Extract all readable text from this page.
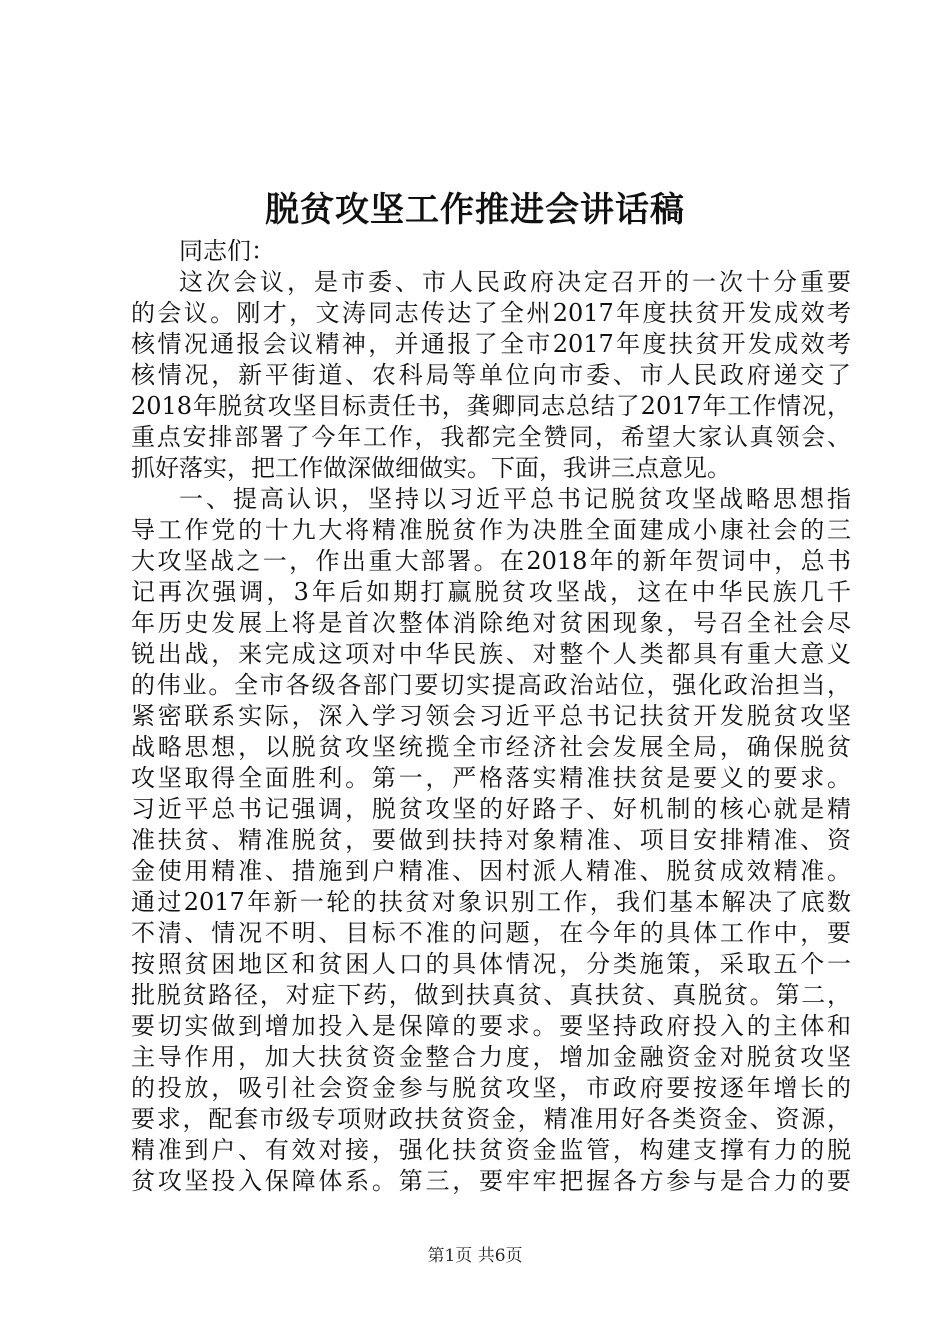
脱贫攻坚工作推进会讲话稿
同志们：
这次会议，是市委、市人民政府决定召开的一次十分重要
的会议。刚才，文涛同志传达了全州2017年度扶贫开发成效考
核情况通报会议精神，并通报了全市2017年度扶贫开发成效考
核情况，新平街道、农科局等单位向市委、市人民政府递交了
2018年脱贫攻坚目标责任书，龚卿同志总结了2017年工作情况，
重点安排部署了今年工作，我都完全赞同，希望大家认真领会、
抓好落实，把工作做深做细做实。下面，我讲三点意见。
一、提高认识，坚持以习近平总书记脱贫攻坚战略思想指
导工作党的十九大将精准脱贫作为决胜全面建成小康社会的三
大攻坚战之一，作出重大部署。在2018年的新年贺词中，总书
记再次强调，3年后如期打赢脱贫攻坚战，这在中华民族几千
年历史发展上将是首次整体消除绝对贫困现象，号召全社会尽
锐出战，来完成这项对中华民族、对整个人类都具有重大意义
的伟业。全市各级各部门要切实提高政治站位，强化政治担当，
紧密联系实际，深入学习领会习近平总书记扶贫开发脱贫攻坚
战略思想，以脱贫攻坚统揽全市经济社会发展全局，确保脱贫
攻坚取得全面胜利。第一，严格落实精准扶贫是要义的要求。
习近平总书记强调，脱贫攻坚的好路子、好机制的核心就是精
准扶贫、精准脱贫，要做到扶持对象精准、项目安排精准、资
金使用精准、措施到户精准、因村派人精准、脱贫成效精准。
通过2017年新一轮的扶贫对象识别工作，我们基本解决了底数
不清、情况不明、目标不准的问题，在今年的具体工作中，要
按照贫困地区和贫困人口的具体情况，分类施策，采取五个一
批脱贫路径，对症下药，做到扶真贫、真扶贫、真脱贫。第二，
要切实做到增加投入是保障的要求。要坚持政府投入的主体和
主导作用，加大扶贫资金整合力度，增加金融资金对脱贫攻坚
的投放，吸引社会资金参与脱贫攻坚，市政府要按逐年增长的
要求，配套市级专项财政扶贫资金，精准用好各类资金、资源，
精准到户、有效对接，强化扶贫资金监管，构建支撑有力的脱
贫攻坚投入保障体系。第三，要牢牢把握各方参与是合力的要
第1页 共6页
